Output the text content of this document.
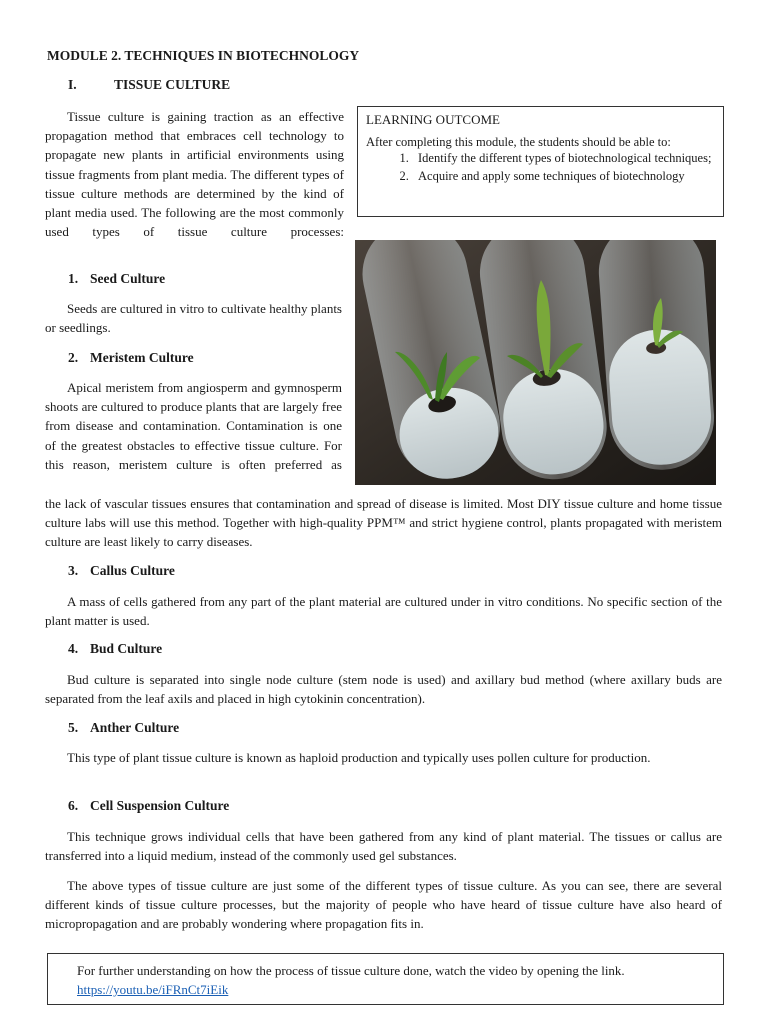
MODULE 2. TECHNIQUES IN BIOTECHNOLOGY
I.	TISSUE CULTURE

Tissue culture is gaining traction as an effective propagation method that embraces cell technology to propagate new plants in artificial environments using tissue fragments from plant media. The different types of tissue culture methods are determined by the kind of plant media used. The following are the most commonly used types of tissue culture processes:

LEARNING OUTCOME
After completing this module, the students should be able to:
1. Identify the different types of biotechnological techniques;
2. Acquire and apply some techniques of biotechnology
1. Seed Culture

Seeds are cultured in vitro to cultivate healthy plants or seedlings.

2. Meristem Culture

Apical meristem from angiosperm and gymnosperm shoots are cultured to produce plants that are largely free from disease and contamination. Contamination is one of the greatest obstacles to effective tissue culture. For this reason, meristem culture is often preferred as

the lack of vascular tissues ensures that contamination and spread of disease is limited. Most DIY tissue culture and home tissue culture labs will use this method. Together with high-quality PPM™ and strict hygiene control, plants propagated with meristem culture are least likely to carry diseases.

3. Callus Culture

A mass of cells gathered from any part of the plant material are cultured under in vitro conditions. No specific section of the plant matter is used.

4. Bud Culture

Bud culture is separated into single node culture (stem node is used) and axillary bud method (where axillary buds are separated from the leaf axils and placed in high cytokinin concentration).

5. Anther Culture

This type of plant tissue culture is known as haploid production and typically uses pollen culture for production.

6. Cell Suspension Culture

This technique grows individual cells that have been gathered from any kind of plant material. The tissues or callus are transferred into a liquid medium, instead of the commonly used gel substances.

The above types of tissue culture are just some of the different types of tissue culture. As you can see, there are several different kinds of tissue culture processes, but the majority of people who have heard of tissue culture have also heard of micropropagation and are probably wondering where propagation fits in.

For further understanding on how the process of tissue culture done, watch the video by opening the link.
https://youtu.be/iFRnCt7iEik
